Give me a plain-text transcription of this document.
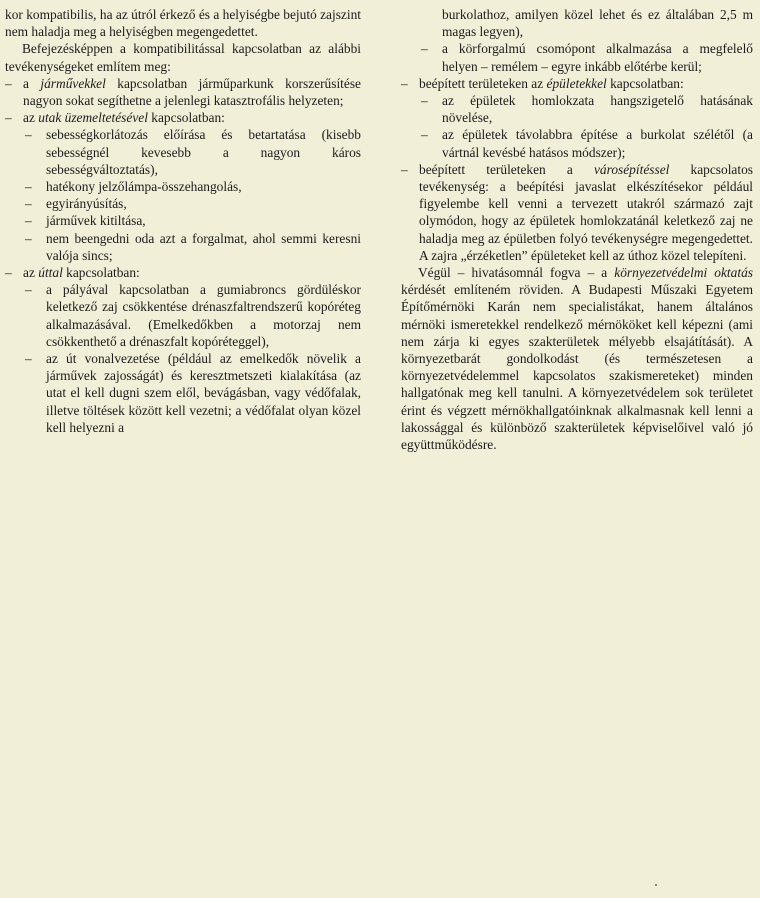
kor kompatibilis, ha az útról érkező és a helyiségbe bejutó zajszint nem haladja meg a helyiségben megengedettet.

Befejezésképpen a kompatibilitással kapcsolatban az alábbi tevékenységeket említem meg:

– a járművekkel kapcsolatban járműparkunk korszerűsítése nagyon sokat segíthetne a jelenlegi katasztrofális helyzeten;
– az utak üzemeltetésével kapcsolatban:
– sebességkorlátozás előírása és betartatása (kisebb sebességnél kevesebb a nagyon káros sebességváltoztatás),
– hatékony jelzőlámpa-összehangolás,
– egyirányúsítás,
– járművek kitiltása,
– nem beengedni oda azt a forgalmat, ahol semmi keresni valója sincs;
– az úttal kapcsolatban:
– a pályával kapcsolatban a gumiabroncs gördüléskor keletkező zaj csökkentése drénaszfaltrendszerű kopóréteg alkalmazásával. (Emelkedőkben a motorzaj nem csökkenthető a drénaszfalt kopóréteggel),
– az út vonalvezetése (például az emelkedők növelik a járművek zajosságát) és keresztmetszeti kialakítása (az utat el kell dugni szem elől, bevágásban, vagy védőfalak, illetve töltések között kell vezetni; a védőfalat olyan közel kell helyezni a
burkolathoz, amilyen közel lehet és ez általában 2,5 m magas legyen),
– a körforgalmú csomópont alkalmazása a megfelelő helyen – remélem – egyre inkább előtérbe kerül;
– beépített területeken az épületekkel kapcsolatban:
– az épületek homlokzata hangszigetelő hatásának növelése,
– az épületek távolabbra építése a burkolat szélétől (a vártnál kevésbé hatásos módszer);
– beépített területeken a városépítéssel kapcsolatos tevékenység: a beépítési javaslat elkészítésekor például figyelembe kell venni a tervezett utakról származó zajt olymódon, hogy az épületek homlokzatánál keletkező zaj ne haladja meg az épületben folyó tevékenységre megengedettet. A zajra „érzéketlen” épületeket kell az úthoz közel telepíteni.

Végül – hivatásomnál fogva – a környezetvédelmi oktatás kérdését említeném röviden. A Budapesti Műszaki Egyetem Építőmérnöki Karán nem specialistákat, hanem általános mérnöki ismeretekkel rendelkező mérnököket kell képezni (ami nem zárja ki egyes szakterületek mélyebb elsajátítását). A környezetbarát gondolkodást (és természetesen a környezetvédelemmel kapcsolatos szakismereteket) minden hallgatónak meg kell tanulni. A környezetvédelem sok területet érint és végzett mérnökhallgatóinknak alkalmasnak kell lenni a lakossággal és különböző szakterületek képviselőivel való jó együttműködésre.
